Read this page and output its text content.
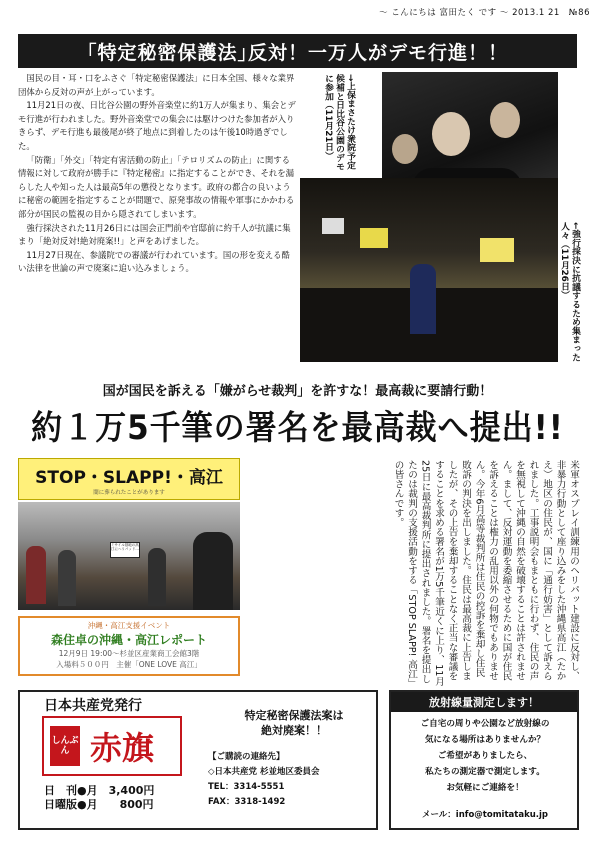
～ こんにちは 富田たく です ～ 2013.1 21　№86
｢特定秘密保護法｣反対！一万人がデモ行進！！

国民の目・耳・口をふさぐ「特定秘密保護法」に日本全国、様々な業界団体から反対の声が上がっています。

11月21日の夜、日比谷公園の野外音楽堂に約1万人が集まり、集会とデモ行進が行われました。野外音楽堂での集会には駆けつけた参加者が入りきらず、デモ行進も最後尾が終了地点に到着したのは午後10時過ぎでした。

「防衛」「外交」「特定有害活動の防止」「テロリズムの防止」に関する情報に対して政府が勝手に『特定秘密』に指定することができ、それを漏らした人や知った人は最高5年の懲役となります。政府の都合の良いように秘密の範囲を指定することが問題で、原発事故の情報や軍事にかかわる部分が国民の監視の目から隠されてしまいます。

強行採決された11月26日には国会正門前や官邸前に約千人が抗議に集まり「絶対反対!絶対廃案!!」と声をあげました。

11月27日現在、参議院での審議が行われています。国の形を変える酷い法律を世論の声で廃案に追い込みましょう。

→上保まさたけ衆院予定候補と日比谷公園のデモに参加（11月21日）
←強行採決に抗議するため集まった人々（11月26日）
国が国民を訴える「嫌がらせ裁判」を許すな！最高裁に要請行動！
約１万5千筆の署名を最高裁へ提出!!
STOP・SLAPP!・高江
闇に葬られたことがあります
ミサイル基地の高江にヘリパッド…
沖縄・高江支援イベント
森住卓の沖縄・高江レポート
12月9日 19:00～杉並区産業商工会館3階
入場料５００円　主催「ONE LOVE 高江」	米軍オスプレイ訓練用のヘリパット建設に反対し、非暴力行動として座り込みをした沖縄県高江（たかえ）地区の住民が、国に「通行妨害」として訴えられました。工事説明会もまともに行わず、住民の声を無視して沖縄の自然を破壊することは許されません。まして、反対運動を委縮させるために国が住民を訴えることは権力の乱用以外の何物でもありません。今年6月高等裁判所は住民の控訴を棄却し住民敗訴の判決を出しました。住民は最高裁に上告しましたが、その上告を棄却することなく正当な審議をすることを求める署名が1万5千筆近くに上り、11月25日に最高裁判所に提出されました。署名を提出したのは裁判の支援活動をする「STOP SLAPP! 高江」の皆さんです。
日本共産党発行
しんぶん 赤旗
日　刊●月　3,400円
日曜版●月　　800円
特定秘密保護法案は
絶対廃案！！
【ご購読の連絡先】
◇日本共産党 杉並地区委員会
TEL：3314-5551
FAX：3318-1492
放射線量測定します！
ご自宅の周りや公園など放射線の
気になる場所はありませんか？
ご希望がありましたら、
私たちの測定器で測定します。
お気軽にご連絡を！
メール：info@tomitataku.jp
